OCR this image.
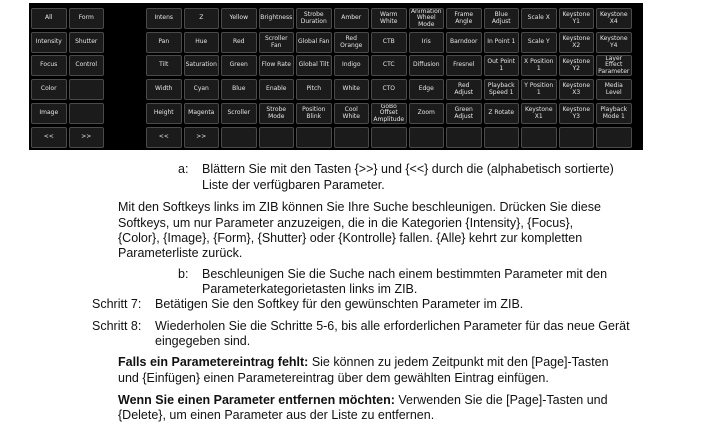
All
Intensity
Focus
Color
Image
<<
Form
Shutter
Control
>>
Intens
Pan
Tilt
Width
Height
<<
Z
Hue
Saturation
Cyan
Magenta
>>
Yellow
Red
Green
Blue
Scroller
Brightness
Scroller
Fan
Flow Rate
Enable
Strobe
Mode
Strobe
Duration
Global Fan
Global Tilt
Pitch
Position
Blink
Amber
Red
Orange
Indigo
White
Cool White
Warm
White
CTB
CTC
CTO
GoBo
Offset
Amplitude
Animation
Wheel
Mode
Iris
Diffusion
Edge
Zoom
Frame
Angle
Barndoor
Fresnel
Red Adjust
Green
Adjust
Blue Adjust
In Point 1
Out Point 1
Playback
Speed 1
Z Rotate
Scale X
Scale Y
X Position
1
Y Position 1
Keystone
X1
Keystone
Y1
Keystone
X2
Keystone
Y2
Keystone
X3
Keystone
Y3
Keystone
X4
Keystone
Y4
Layer
Effect
Parameter
Media
Level
Playback
Mode 1
a: Blättern Sie mit den Tasten {>>} und {<<} durch die (alphabetisch sortierte)
Liste der verfügbaren Parameter.
Mit den Softkeys links im ZIB können Sie Ihre Suche beschleunigen. Drücken Sie diese
Softkeys, um nur Parameter anzuzeigen, die in die Kategorien {Intensity}, {Focus},
{Color}, {Image}, {Form}, {Shutter} oder {Kontrolle} fallen. {Alle} kehrt zur kompletten
Parameterliste zurück.
b: Beschleunigen Sie die Suche nach einem bestimmten Parameter mit den
Parameterkategorietasten links im ZIB.
Schritt 7: Betätigen Sie den Softkey für den gewünschten Parameter im ZIB.
Schritt 8: Wiederholen Sie die Schritte 5-6, bis alle erforderlichen Parameter für das neue Gerät
eingegeben sind.
Falls ein Parametereintrag fehlt: Sie können zu jedem Zeitpunkt mit den [Page]-Tasten
und {Einfügen} einen Parametereintrag über dem gewählten Eintrag einfügen.
Wenn Sie einen Parameter entfernen möchten: Verwenden Sie die [Page]-Tasten und
{Delete}, um einen Parameter aus der Liste zu entfernen.
